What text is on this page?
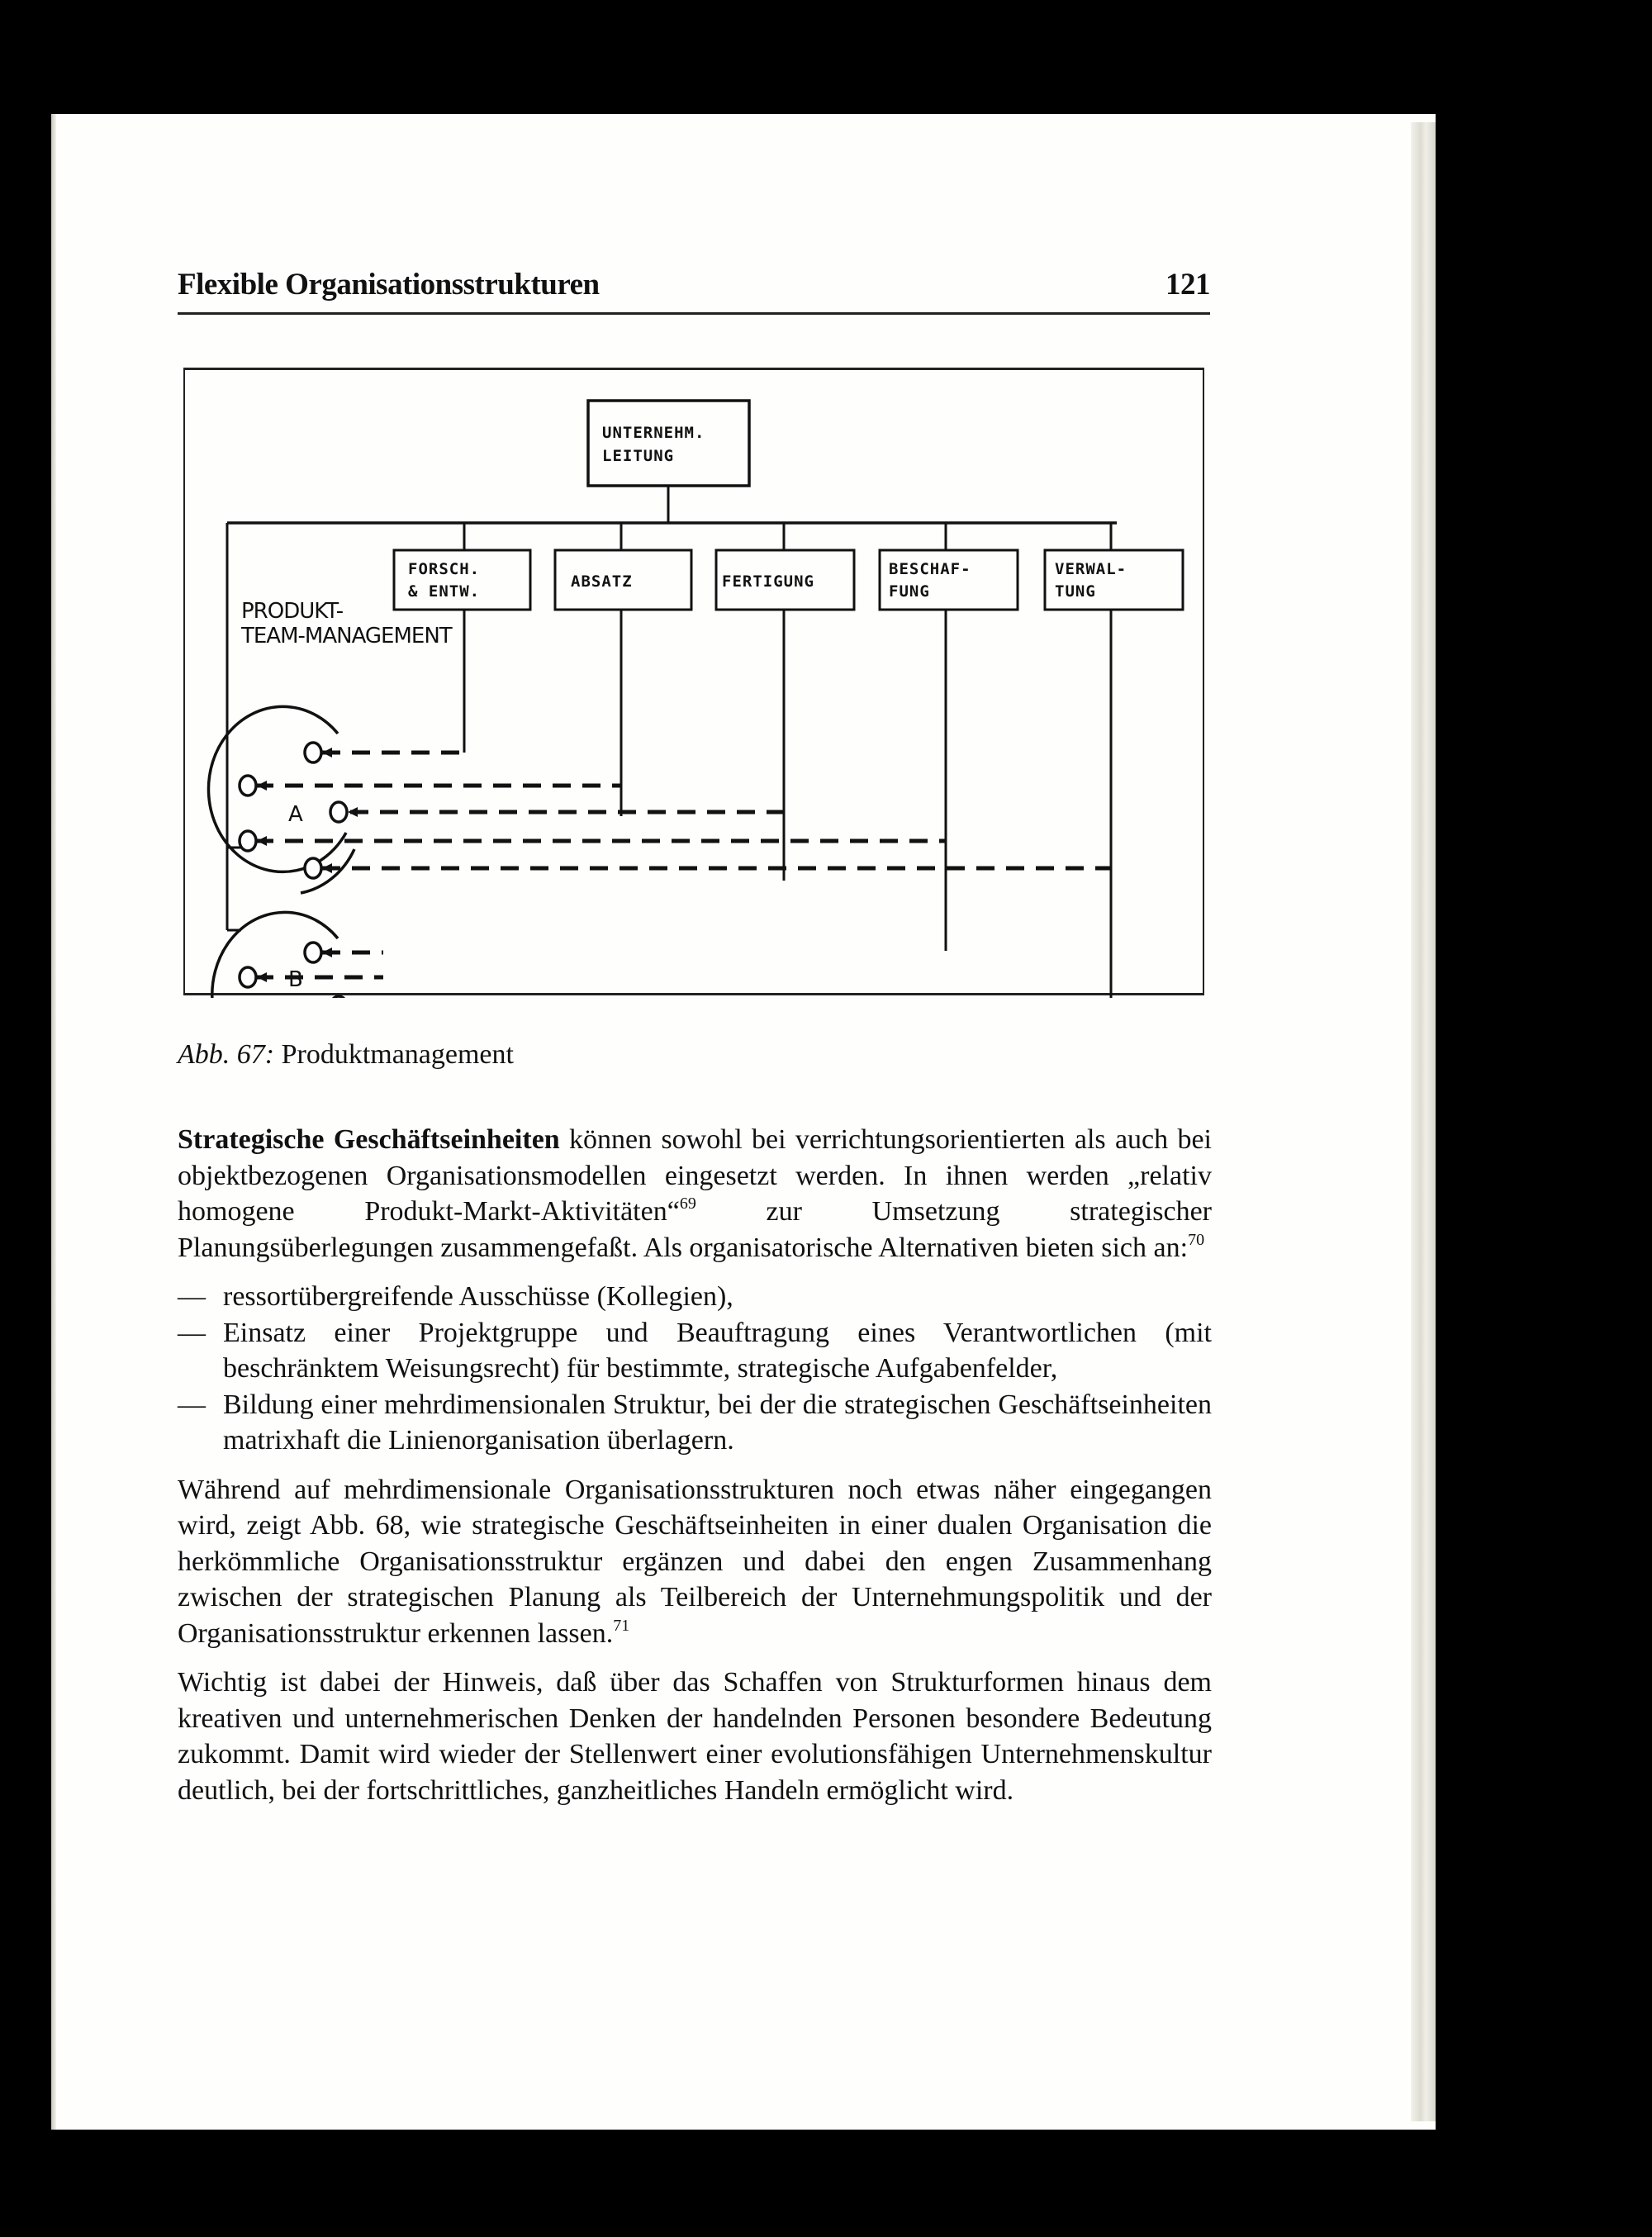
Flexible Organisationsstrukturen	121
UNTERNEHM.
LEITUNG
FORSCH.
& ENTW.
ABSATZ	FERTIGUNG
BESCHAF-
FUNG
VERWAL-
TUNG
PRODUKT-
TEAM-MANAGEMENT
A
B
Abb. 67: Produktmanagement

Strategische Geschäftseinheiten können sowohl bei verrichtungsorientierten als auch bei objektbezogenen Organisationsmodellen eingesetzt werden. In ihnen werden „relativ homogene Produkt-Markt-Aktivitäten“$^{69}$ zur Umsetzung strategischer Planungsüberlegungen zusammengefaßt. Als organisatorische Alternativen bieten sich an:$^{70}$

— ressortübergreifende Ausschüsse (Kollegien),
— Einsatz einer Projektgruppe und Beauftragung eines Verantwortlichen (mit beschränktem Weisungsrecht) für bestimmte, strategische Aufgabenfelder,
— Bildung einer mehrdimensionalen Struktur, bei der die strategischen Geschäftseinheiten matrixhaft die Linienorganisation überlagern.

Während auf mehrdimensionale Organisationsstrukturen noch etwas näher eingegangen wird, zeigt Abb. 68, wie strategische Geschäftseinheiten in einer dualen Organisation die herkömmliche Organisationsstruktur ergänzen und dabei den engen Zusammenhang zwischen der strategischen Planung als Teilbereich der Unternehmungspolitik und der Organisationsstruktur erkennen lassen.$^{71}$

Wichtig ist dabei der Hinweis, daß über das Schaffen von Strukturformen hinaus dem kreativen und unternehmerischen Denken der handelnden Personen besondere Bedeutung zukommt. Damit wird wieder der Stellenwert einer evolutionsfähigen Unternehmenskultur deutlich, bei der fortschrittliches, ganzheitliches Handeln ermöglicht wird.
